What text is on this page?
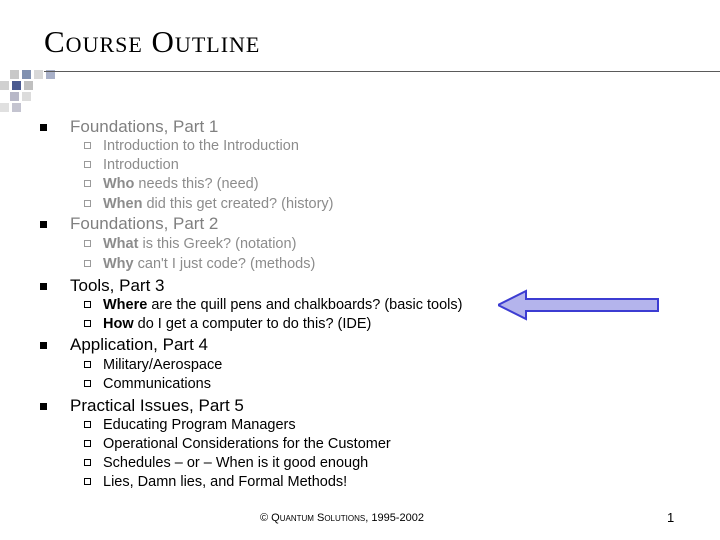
Course Outline
Foundations, Part 1
Introduction to the Introduction
Introduction
Who needs this? (need)
When did this get created? (history)
Foundations, Part 2
What is this Greek? (notation)
Why can't I just code? (methods)
Tools, Part 3
Where are the quill pens and chalkboards? (basic tools)
How do I get a computer to do this? (IDE)
Application, Part 4
Military/Aerospace
Communications
Practical Issues, Part 5
Educating Program Managers
Operational Considerations for the Customer
Schedules – or – When is it good enough
Lies, Damn lies, and Formal Methods!
© Quantum Solutions, 1995-2002	1
